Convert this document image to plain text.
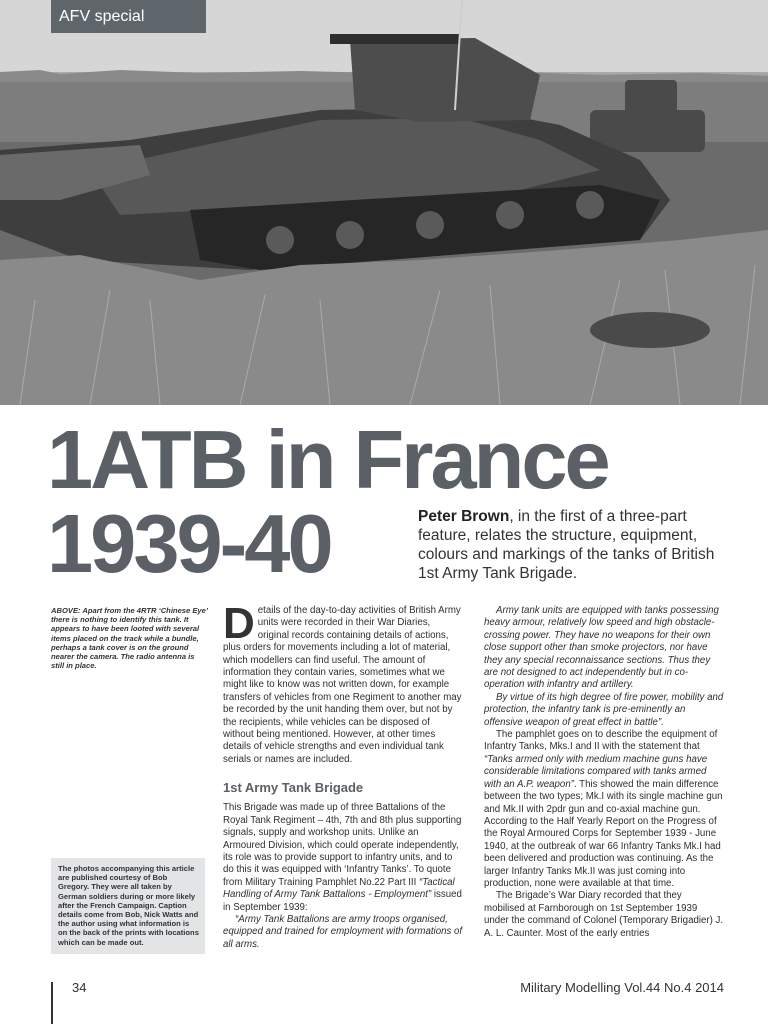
AFV special
1ATB in France
1939-40	Peter Brown, in the first of a three-part feature, relates the structure, equipment, colours and markings of the tanks of British 1st Army Tank Brigade.

ABOVE: Apart from the 4RTR ‘Chinese Eye’ there is nothing to identify this tank. It appears to have been looted with several items placed on the track while a bundle, perhaps a tank cover is on the ground nearer the camera. The radio antenna is still in place.

The photos accompanying this article are published courtesy of Bob Gregory. They were all taken by German soldiers during or more likely after the French Campaign. Caption details come from Bob, Nick Watts and the author using what information is on the back of the prints with locations which can be made out.

Details of the day-to-day activities of British Army units were recorded in their War Diaries, original records containing details of actions, plus orders for movements including a lot of material, which modellers can find useful. The amount of information they contain varies, sometimes what we might like to know was not written down, for example transfers of vehicles from one Regiment to another may be recorded by the unit handing them over, but not by the recipients, while vehicles can be disposed of without being mentioned. However, at other times details of vehicle strengths and even individual tank serials or names are included.

1st Army Tank Brigade

This Brigade was made up of three Battalions of the Royal Tank Regiment – 4th, 7th and 8th plus supporting signals, supply and workshop units. Unlike an Armoured Division, which could operate independently, its role was to provide support to infantry units, and to do this it was equipped with ‘Infantry Tanks’. To quote from Military Training Pamphlet No.22 Part III “Tactical Handling of Army Tank Battalions - Employment” issued in September 1939:

“Army Tank Battalions are army troops organised, equipped and trained for employment with formations of all arms.

Army tank units are equipped with tanks possessing heavy armour, relatively low speed and high obstacle-crossing power. They have no weapons for their own close support other than smoke projectors, nor have they any special reconnaissance sections. Thus they are not designed to act independently but in co-operation with infantry and artillery.

By virtue of its high degree of fire power, mobility and protection, the infantry tank is pre-eminently an offensive weapon of great effect in battle”.

The pamphlet goes on to describe the equipment of Infantry Tanks, Mks.I and II with the statement that “Tanks armed only with medium machine guns have considerable limitations compared with tanks armed with an A.P. weapon”. This showed the main difference between the two types; Mk.I with its single machine gun and Mk.II with 2pdr gun and co-axial machine gun. According to the Half Yearly Report on the Progress of the Royal Armoured Corps for September 1939 - June 1940, at the outbreak of war 66 Infantry Tanks Mk.I had been delivered and production was continuing. As the larger Infantry Tanks Mk.II was just coming into production, none were available at that time.

The Brigade’s War Diary recorded that they mobilised at Farnborough on 1st September 1939 under the command of Colonel (Temporary Brigadier) J. A. L. Caunter. Most of the early entries

34	Military Modelling Vol.44 No.4 2014
